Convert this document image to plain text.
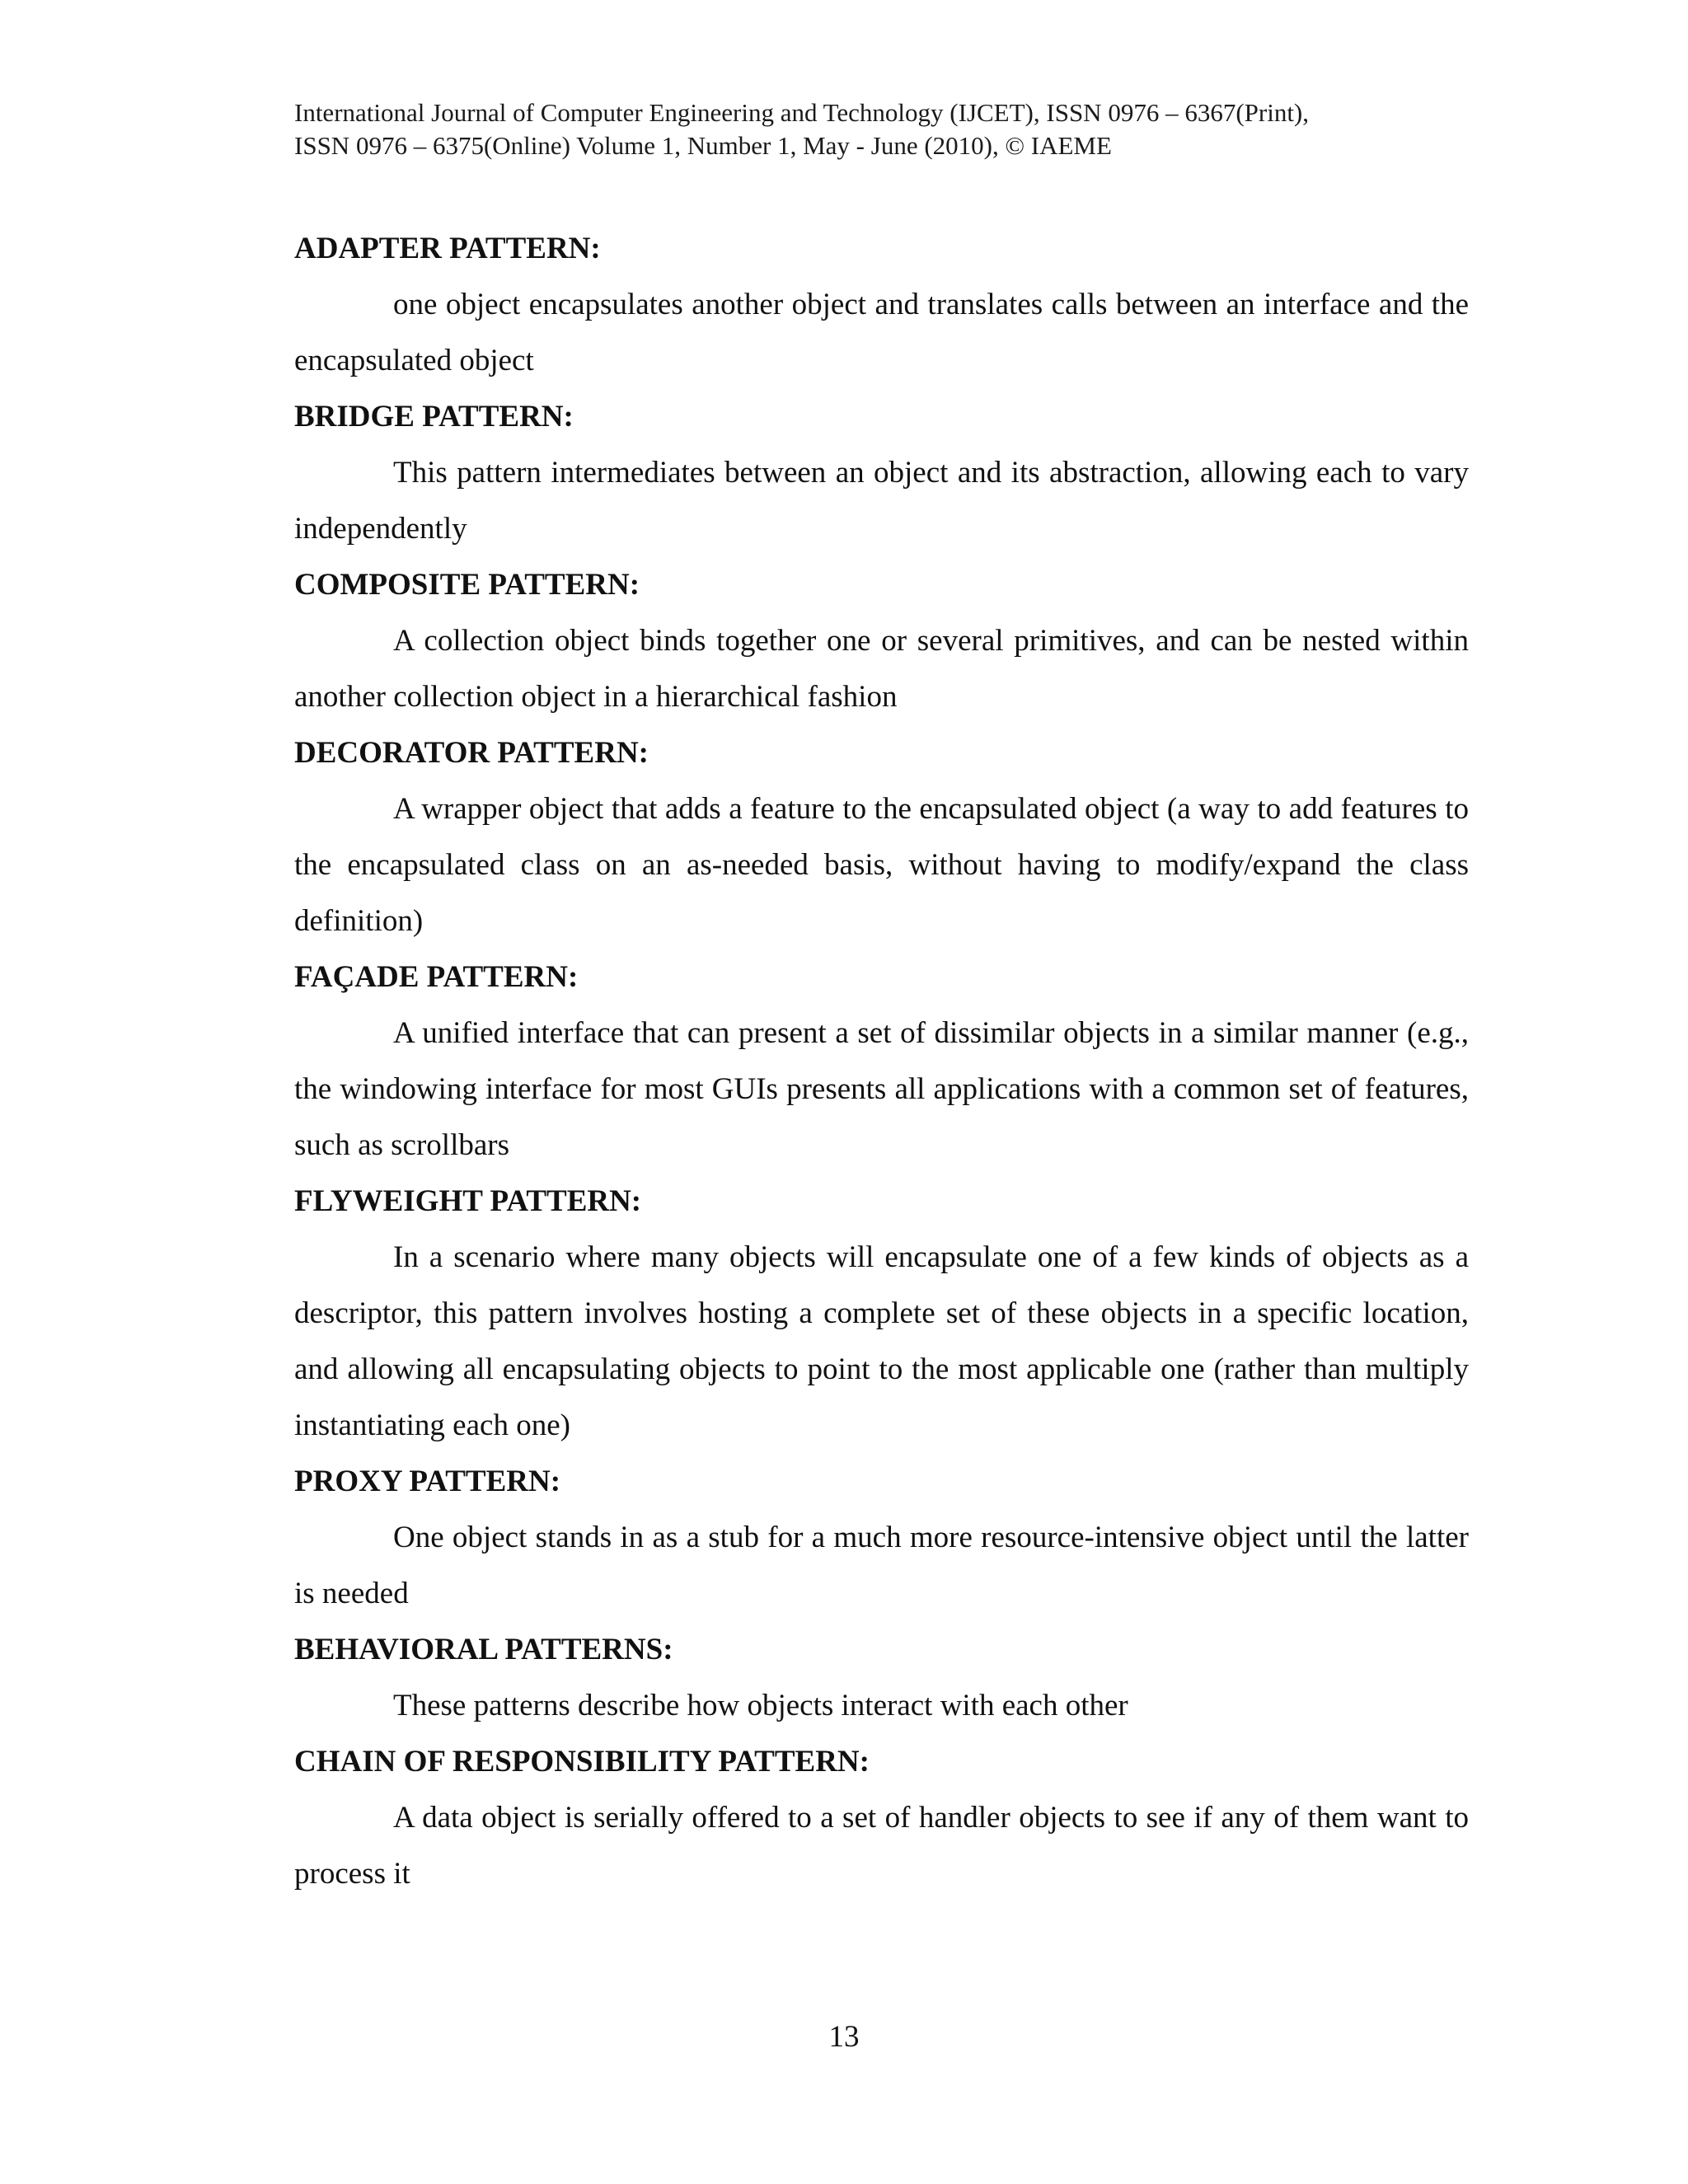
International Journal of Computer Engineering and Technology (IJCET), ISSN 0976 – 6367(Print),
ISSN 0976 – 6375(Online) Volume 1, Number 1, May - June (2010), © IAEME
ADAPTER PATTERN:

one object encapsulates another object and translates calls between an interface and the encapsulated object

BRIDGE PATTERN:

This pattern intermediates between an object and its abstraction, allowing each to vary independently

COMPOSITE PATTERN:

A collection object binds together one or several primitives, and can be nested within another collection object in a hierarchical fashion

DECORATOR PATTERN:

A wrapper object that adds a feature to the encapsulated object (a way to add features to the encapsulated class on an as-needed basis, without having to modify/expand the class definition)

FAÇADE PATTERN:

A unified interface that can present a set of dissimilar objects in a similar manner (e.g., the windowing interface for most GUIs presents all applications with a common set of features, such as scrollbars

FLYWEIGHT PATTERN:

In a scenario where many objects will encapsulate one of a few kinds of objects as a descriptor, this pattern involves hosting a complete set of these objects in a specific location, and allowing all encapsulating objects to point to the most applicable one (rather than multiply instantiating each one)

PROXY PATTERN:

One object stands in as a stub for a much more resource-intensive object until the latter is needed

BEHAVIORAL PATTERNS:

These patterns describe how objects interact with each other

CHAIN OF RESPONSIBILITY PATTERN:

A data object is serially offered to a set of handler objects to see if any of them want to process it

13
